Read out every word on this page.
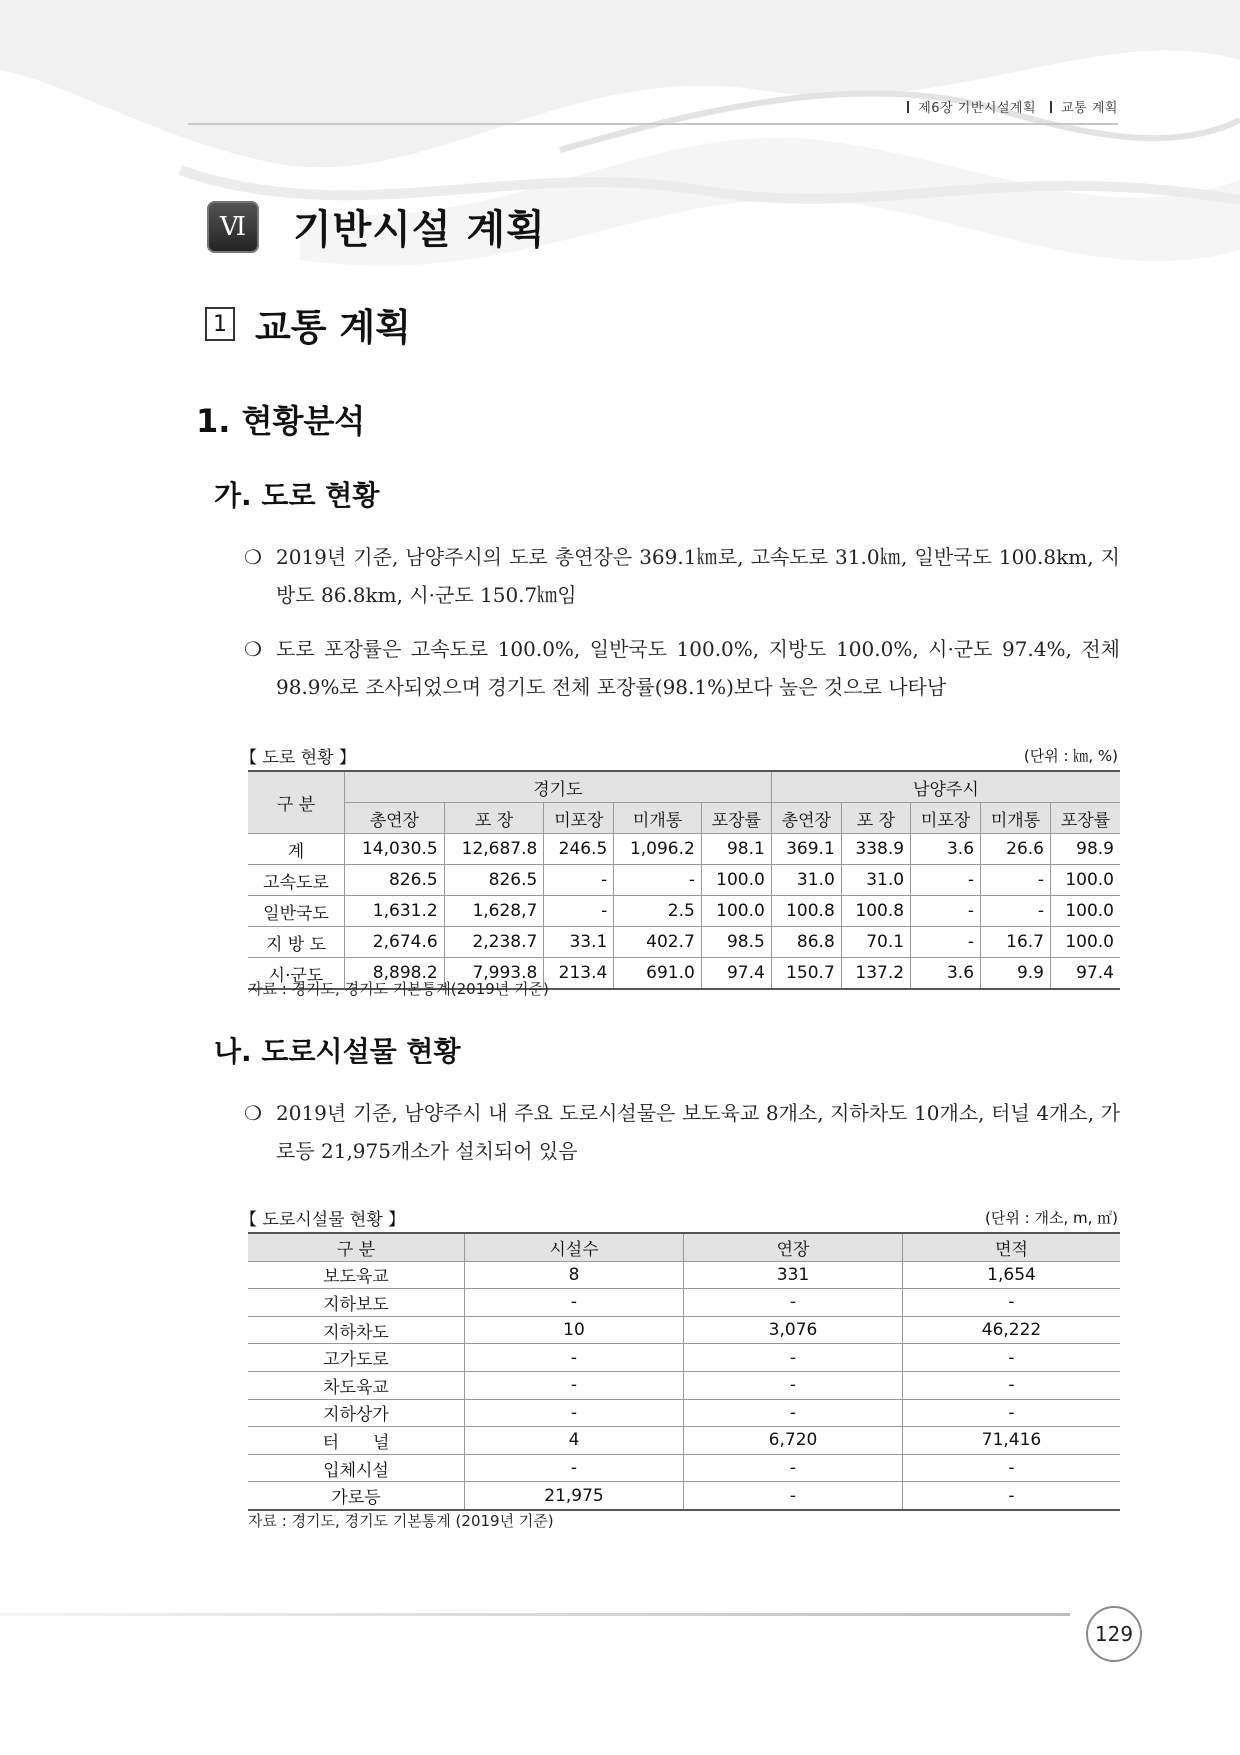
제6장 기반시설계획 교통 계획
Ⅵ	기반시설 계획
1 교통 계획
1. 현황분석
가. 도로 현황
❍ 2019년 기준, 남양주시의 도로 총연장은 369.1㎞로, 고속도로 31.0㎞, 일반국도 100.8km, 지방도 86.8km, 시·군도 150.7㎞임
❍ 도로 포장률은 고속도로 100.0%, 일반국도 100.0%, 지방도 100.0%, 시·군도 97.4%, 전체 98.9%로 조사되었으며 경기도 전체 포장률(98.1%)보다 높은 것으로 나타남
【 도로 현황 】	(단위 : ㎞, %)
구 분	경기도					남양주시				
	총연장	포 장	미포장	미개통	포장률	총연장	포 장	미포장	미개통	포장률
계	14,030.5	12,687.8	246.5	1,096.2	98.1	369.1	338.9	3.6	26.6	98.9
고속도로	826.5	826.5	-	-	100.0	31.0	31.0	-	-	100.0
일반국도	1,631.2	1,628,7	-	2.5	100.0	100.8	100.8	-	-	100.0
지 방 도	2,674.6	2,238.7	33.1	402.7	98.5	86.8	70.1	-	16.7	100.0
시·군도	8,898.2	7,993.8	213.4	691.0	97.4	150.7	137.2	3.6	9.9	97.4
자료 : 경기도, 경기도 기본통계(2019년 기준)
나. 도로시설물 현황
❍ 2019년 기준, 남양주시 내 주요 도로시설물은 보도육교 8개소, 지하차도 10개소, 터널 4개소, 가로등 21,975개소가 설치되어 있음
【 도로시설물 현황 】	(단위 : 개소, m, ㎡)
구 분	시설수	연장	면적
보도육교	8	331	1,654
지하보도	-	-	-
지하차도	10	3,076	46,222
고가도로	-	-	-
차도육교	-	-	-
지하상가	-	-	-
터　　널	4	6,720	71,416
입체시설	-	-	-
가로등	21,975	-	-
자료 : 경기도, 경기도 기본통계 (2019년 기준)
129
